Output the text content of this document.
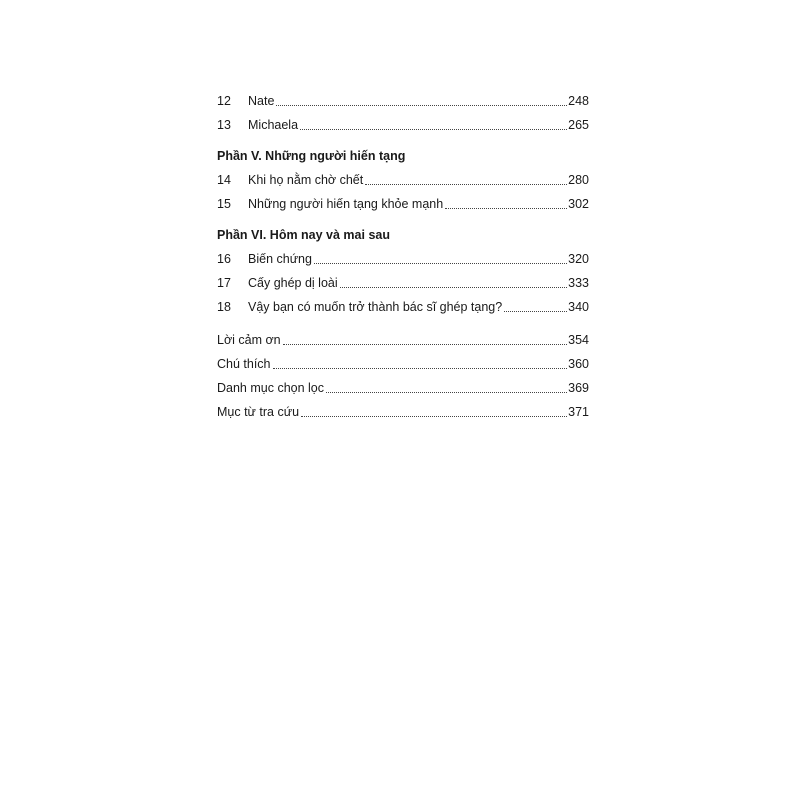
12	Nate	248
13	Michaela	265
Phần V. Những người hiến tạng
14	Khi họ nằm chờ chết	280
15	Những người hiến tạng khỏe mạnh	302
Phần VI. Hôm nay và mai sau
16	Biến chứng	320
17	Cấy ghép dị loài	333
18	Vậy bạn có muốn trở thành bác sĩ ghép tạng?	340
Lời cảm ơn	354
Chú thích	360
Danh mục chọn lọc	369
Mục từ tra cứu	371
